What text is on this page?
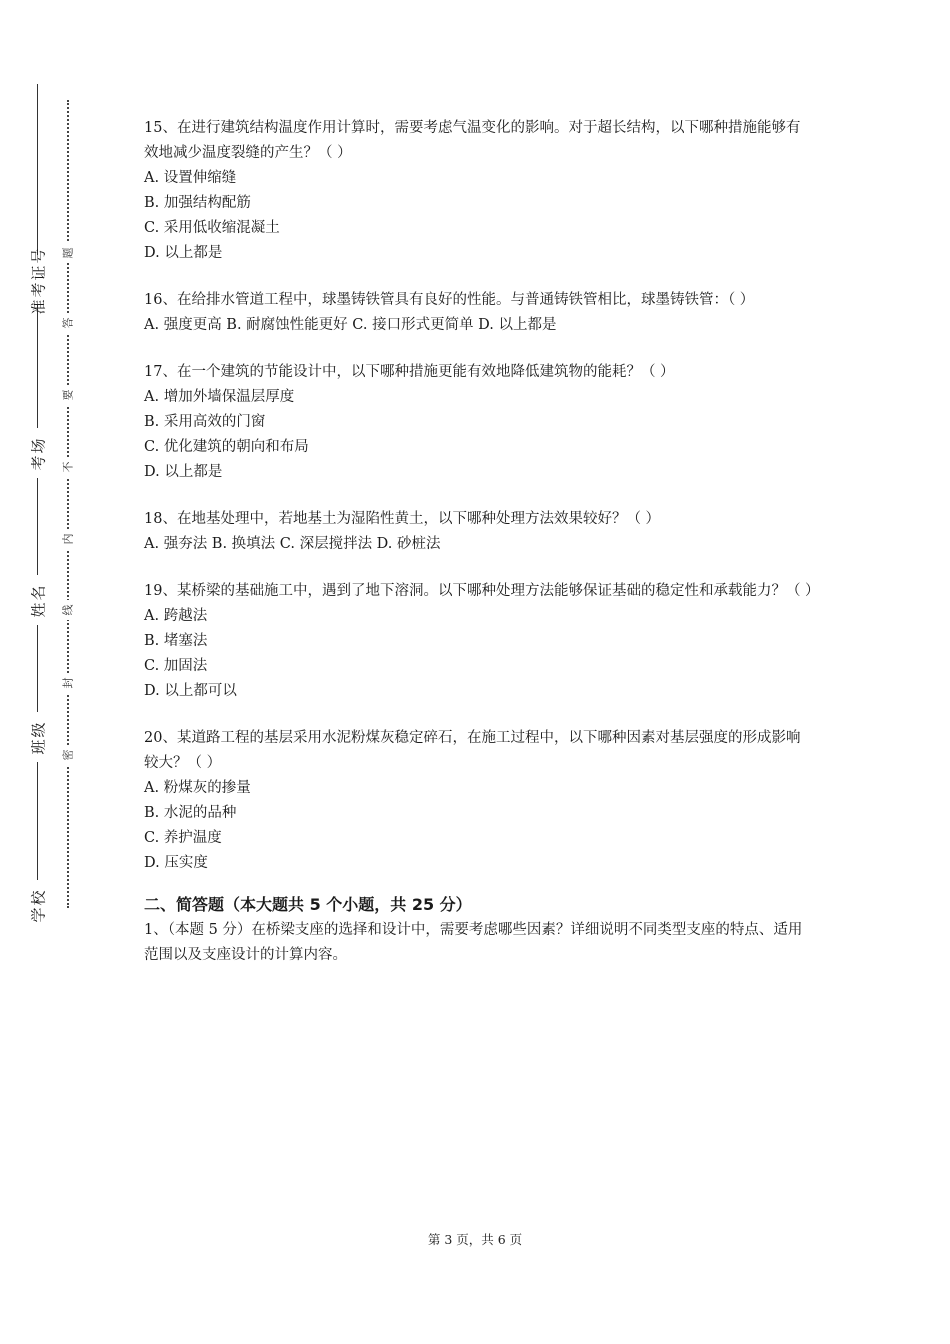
准考证号
考场
姓名
班级
学校
题
答
要
不
内
线
封
密
15、在进行建筑结构温度作用计算时，需要考虑气温变化的影响。对于超长结构，以下哪种措施能够有效地减少温度裂缝的产生？（ ）
A. 设置伸缩缝
B. 加强结构配筋
C. 采用低收缩混凝土
D. 以上都是
16、在给排水管道工程中，球墨铸铁管具有良好的性能。与普通铸铁管相比，球墨铸铁管：（ ）
A. 强度更高 B. 耐腐蚀性能更好 C. 接口形式更简单 D. 以上都是
17、在一个建筑的节能设计中，以下哪种措施更能有效地降低建筑物的能耗？（ ）
A. 增加外墙保温层厚度
B. 采用高效的门窗
C. 优化建筑的朝向和布局
D. 以上都是
18、在地基处理中，若地基土为湿陷性黄土，以下哪种处理方法效果较好？（ ）
A. 强夯法 B. 换填法 C. 深层搅拌法 D. 砂桩法
19、某桥梁的基础施工中，遇到了地下溶洞。以下哪种处理方法能够保证基础的稳定性和承载能力？（ ）
A. 跨越法
B. 堵塞法
C. 加固法
D. 以上都可以
20、某道路工程的基层采用水泥粉煤灰稳定碎石，在施工过程中，以下哪种因素对基层强度的形成影响较大？（ ）
A. 粉煤灰的掺量
B. 水泥的品种
C. 养护温度
D. 压实度
二、简答题（本大题共 5 个小题，共 25 分）
1、（本题 5 分）在桥梁支座的选择和设计中，需要考虑哪些因素？详细说明不同类型支座的特点、适用范围以及支座设计的计算内容。
第 3 页，共 6 页
